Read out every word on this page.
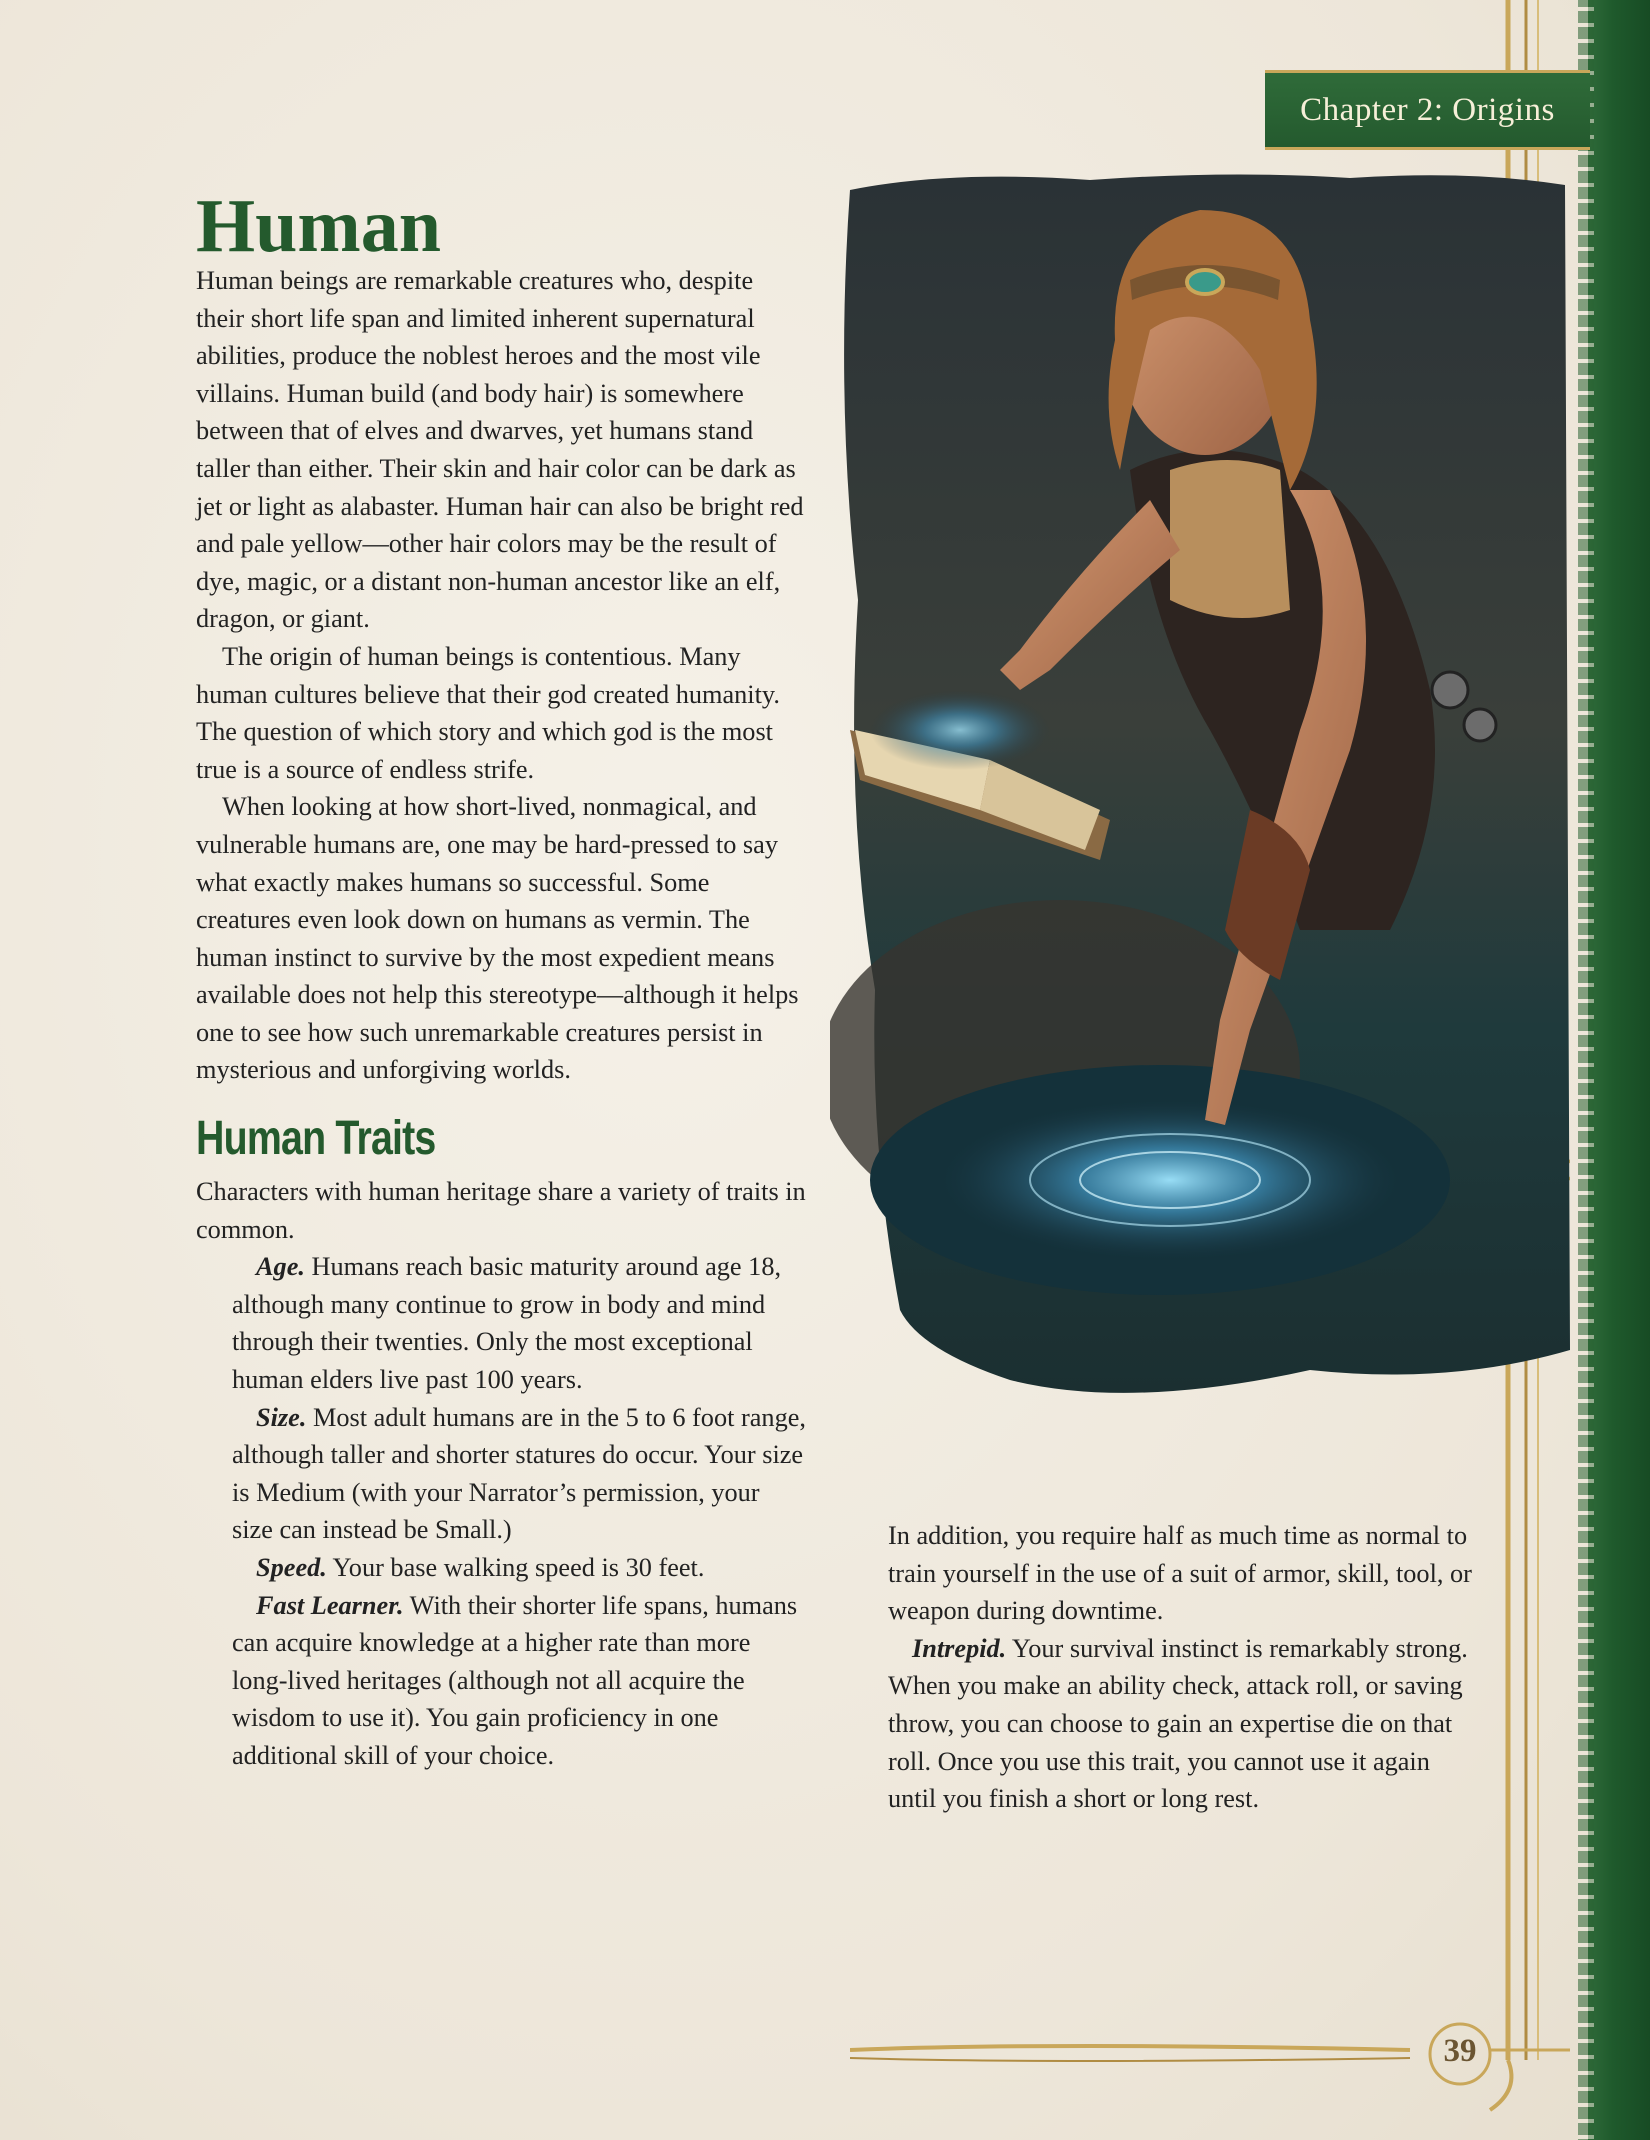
Chapter 2: Origins
Human

Human beings are remarkable creatures who, despite their short life span and limited inherent supernatural abilities, produce the noblest heroes and the most vile villains. Human build (and body hair) is somewhere between that of elves and dwarves, yet humans stand taller than either. Their skin and hair color can be dark as jet or light as alabaster. Human hair can also be bright red and pale yellow—other hair colors may be the result of dye, magic, or a distant non-human ancestor like an elf, dragon, or giant.

The origin of human beings is contentious. Many human cultures believe that their god created humanity. The question of which story and which god is the most true is a source of endless strife.

When looking at how short-lived, nonmagical, and vulnerable humans are, one may be hard-pressed to say what exactly makes humans so successful. Some creatures even look down on humans as vermin. The human instinct to survive by the most expedient means available does not help this stereotype—although it helps one to see how such unremarkable creatures persist in mysterious and unforgiving worlds.

Human Traits

Characters with human heritage share a variety of traits in common.

Age. Humans reach basic maturity around age 18, although many continue to grow in body and mind through their twenties. Only the most exceptional human elders live past 100 years.

Size. Most adult humans are in the 5 to 6 foot range, although taller and shorter statures do occur. Your size is Medium (with your Narrator’s permission, your size can instead be Small.)

Speed. Your base walking speed is 30 feet.

Fast Learner. With their shorter life spans, humans can acquire knowledge at a higher rate than more long-lived heritages (although not all acquire the wisdom to use it). You gain proficiency in one additional skill of your choice.

In addition, you require half as much time as normal to train yourself in the use of a suit of armor, skill, tool, or weapon during downtime.

Intrepid. Your survival instinct is remarkably strong. When you make an ability check, attack roll, or saving throw, you can choose to gain an expertise die on that roll. Once you use this trait, you cannot use it again until you finish a short or long rest.

39
